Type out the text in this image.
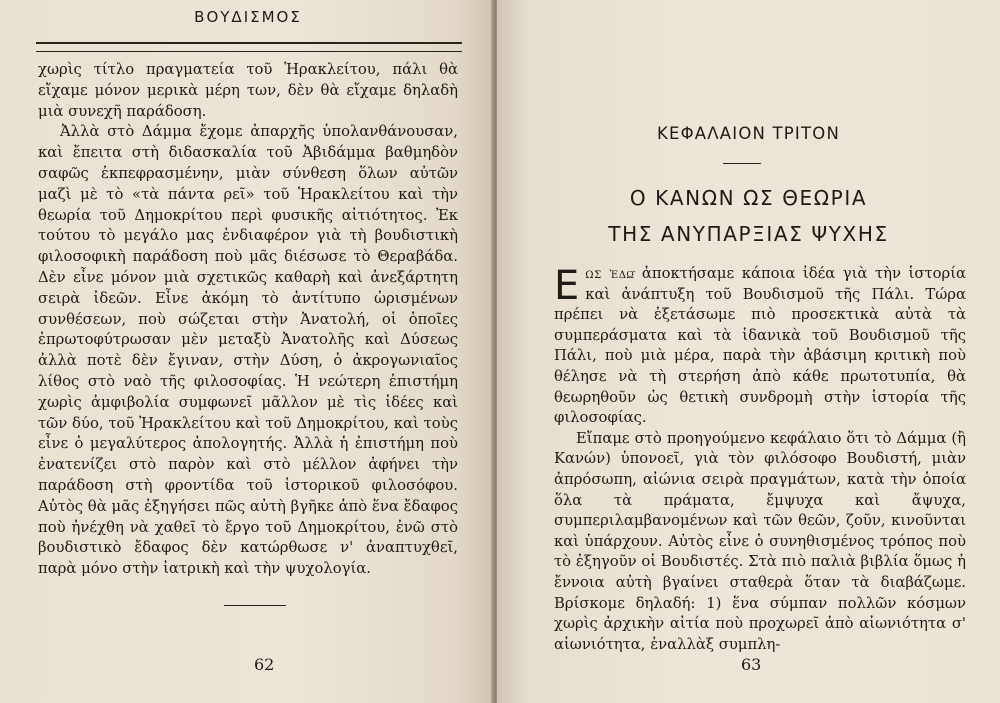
ΒΟΥΔΙΣΜΟΣ

χωρὶς τίτλο πραγματεία τοῦ Ἡρακλείτου, πάλι θὰ εἴχαμε μόνον μερικὰ μέρη των, δὲν θὰ εἴχαμε δηλαδὴ μιὰ συνεχῆ παράδοση.

Ἀλλὰ στὸ Δάμμα ἔχομε ἀπαρχῆς ὑπολανθάνουσαν, καὶ ἔπειτα στὴ διδασκαλία τοῦ Ἀβιδάμμα βαθμηδὸν σαφῶς ἐκπεφρασμένην, μιὰν σύνθεση ὅλων αὐτῶν μαζὶ μὲ τὸ «τὰ πάντα ρεῖ» τοῦ Ἡρακλείτου καὶ τὴν θεωρία τοῦ Δημοκρίτου περὶ φυσικῆς αἰτιότητος. Ἐκ τούτου τὸ μεγάλο μας ἐνδιαφέρον γιὰ τὴ βουδιστικὴ φιλοσοφικὴ παράδοση ποὺ μᾶς διέσωσε τὸ Θεραβάδα. Δὲν εἶνε μόνον μιὰ σχετικῶς καθαρὴ καὶ ἀνεξάρτητη σειρὰ ἰδεῶν. Εἶνε ἀκόμη τὸ ἀντίτυπο ὡρισμένων συνθέσεων, ποὺ σώζεται στὴν Ἀνατολή, οἱ ὁποῖες ἐπρωτοφύτρωσαν μὲν μεταξὺ Ἀνατολῆς καὶ Δύσεως ἀλλὰ ποτὲ δὲν ἔγιναν, στὴν Δύση, ὁ ἀκρογωνιαῖος λίθος στὸ ναὸ τῆς φιλοσοφίας. Ἡ νεώτερη ἐπιστήμη χωρὶς ἀμφιβολία συμφωνεῖ μᾶλλον μὲ τὶς ἰδέες καὶ τῶν δύο, τοῦ Ἡρακλείτου καὶ τοῦ Δημοκρίτου, καὶ τοὺς εἶνε ὁ μεγαλύτερος ἀπολογητής. Ἀλλὰ ἡ ἐπιστήμη ποὺ ἐνατενίζει στὸ παρὸν καὶ στὸ μέλλον ἀφήνει τὴν παράδοση στὴ φροντίδα τοῦ ἱστορικοῦ φιλοσόφου. Αὐτὸς θὰ μᾶς ἐξηγήσει πῶς αὐτὴ βγῆκε ἀπὸ ἕνα ἔδαφος ποὺ ἠνέχθη νὰ χαθεῖ τὸ ἔργο τοῦ Δημοκρίτου, ἐνῶ στὸ βουδιστικὸ ἔδαφος δὲν κατώρθωσε ν' ἀναπτυχθεῖ, παρὰ μόνο στὴν ἰατρικὴ καὶ τὴν ψυχολογία.

62
ΚΕΦΑΛΑΙΟΝ ΤΡΙΤΟΝ
Ο ΚΑΝΩΝ ΩΣ ΘΕΩΡΙΑ
ΤΗΣ ΑΝΥΠΑΡΞΙΑΣ ΨΥΧΗΣ

Εως ἐδῶ ἀποκτήσαμε κάποια ἰδέα γιὰ τὴν ἱστορία καὶ ἀνάπτυξη τοῦ Βουδισμοῦ τῆς Πάλι. Τώρα πρέπει νὰ ἐξετάσωμε πιὸ προσεκτικὰ αὐτὰ τὰ συμπεράσματα καὶ τὰ ἰδανικὰ τοῦ Βουδισμοῦ τῆς Πάλι, ποὺ μιὰ μέρα, παρὰ τὴν ἀβάσιμη κριτικὴ ποὺ θέλησε νὰ τὴ στερήση ἀπὸ κάθε πρωτοτυπία, θὰ θεωρηθοῦν ὡς θετικὴ συνδρομὴ στὴν ἱστορία τῆς φιλοσοφίας.

Εἴπαμε στὸ προηγούμενο κεφάλαιο ὅτι τὸ Δάμμα (ἢ Κανών) ὑπονοεῖ, γιὰ τὸν φιλόσοφο Βουδιστή, μιὰν ἀπρόσωπη, αἰώνια σειρὰ πραγμάτων, κατὰ τὴν ὁποία ὅλα τὰ πράματα, ἔμψυχα καὶ ἄψυχα, συμπεριλαμβανομένων καὶ τῶν θεῶν, ζοῦν, κινοῦνται καὶ ὑπάρχουν. Αὐτὸς εἶνε ὁ συνηθισμένος τρόπος ποὺ τὸ ἐξηγοῦν οἱ Βουδιστές. Στὰ πιὸ παλιὰ βιβλία ὅμως ἡ ἔννοια αὐτὴ βγαίνει σταθερὰ ὅταν τὰ διαβάζωμε. Βρίσκομε δηλαδή: 1) ἕνα σύμπαν πολλῶν κόσμων χωρὶς ἀρχικὴν αἰτία ποὺ προχωρεῖ ἀπὸ αἰωνιότητα σ' αἰωνιότητα, ἐναλλὰξ συμπλη-

63
